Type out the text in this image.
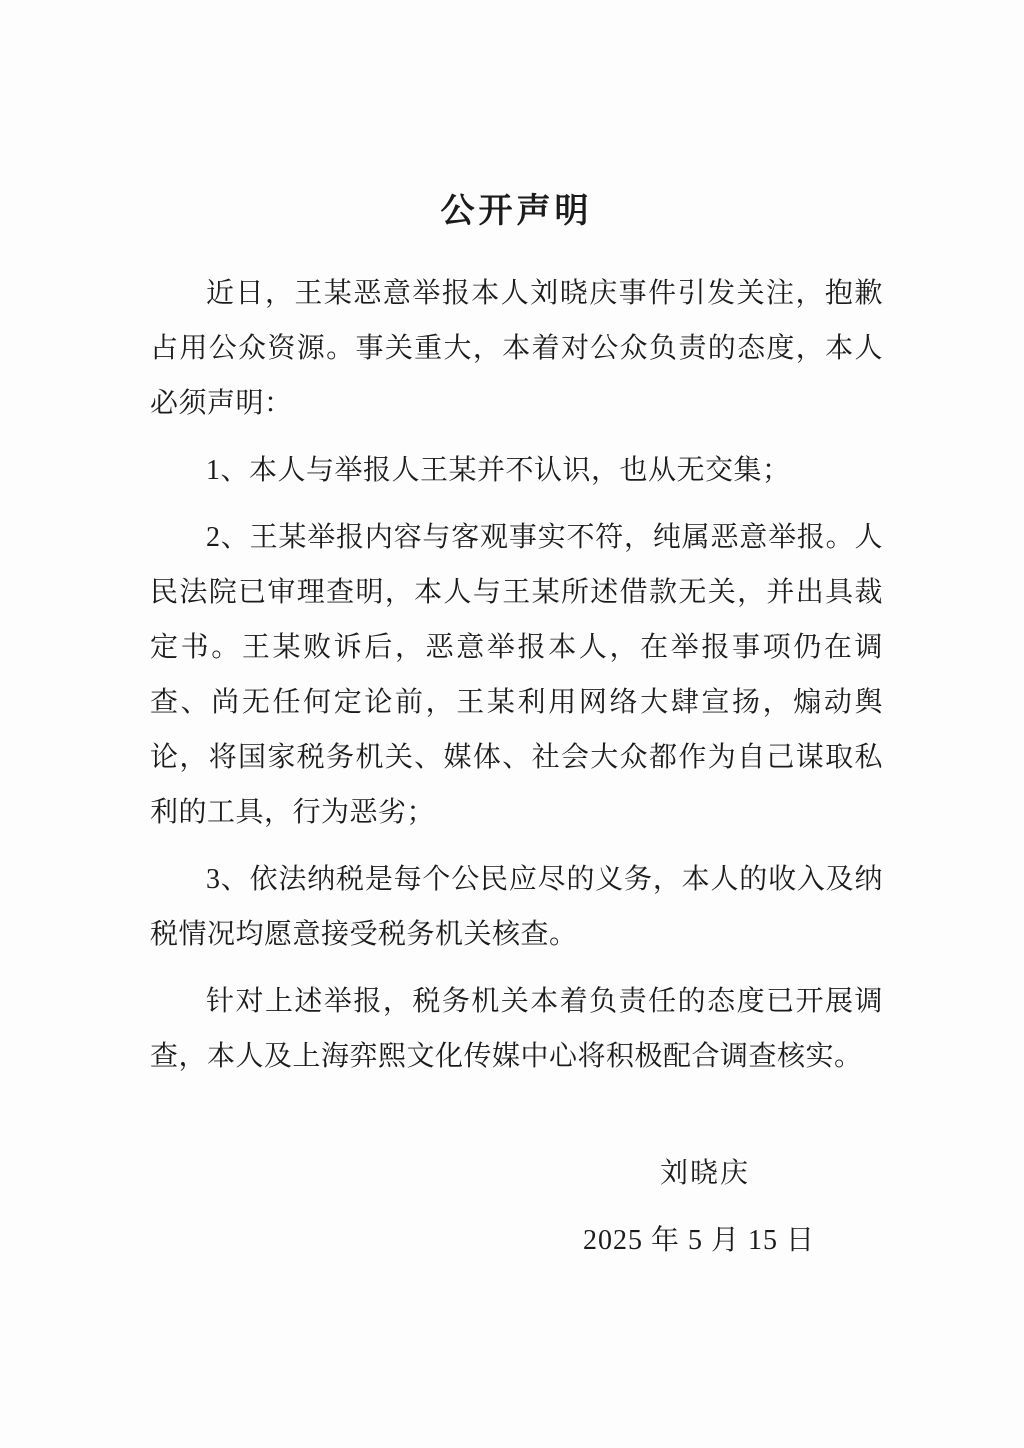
公开声明

近日，王某恶意举报本人刘晓庆事件引发关注，抱歉占用公众资源。事关重大，本着对公众负责的态度，本人必须声明：

1、本人与举报人王某并不认识，也从无交集；

2、王某举报内容与客观事实不符，纯属恶意举报。人民法院已审理查明，本人与王某所述借款无关，并出具裁定书。王某败诉后，恶意举报本人，在举报事项仍在调查、尚无任何定论前，王某利用网络大肆宣扬，煽动舆论，将国家税务机关、媒体、社会大众都作为自己谋取私利的工具，行为恶劣；

3、依法纳税是每个公民应尽的义务，本人的收入及纳税情况均愿意接受税务机关核查。

针对上述举报，税务机关本着负责任的态度已开展调查，本人及上海弈熙文化传媒中心将积极配合调查核实。

刘晓庆
2025 年 5 月 15 日
